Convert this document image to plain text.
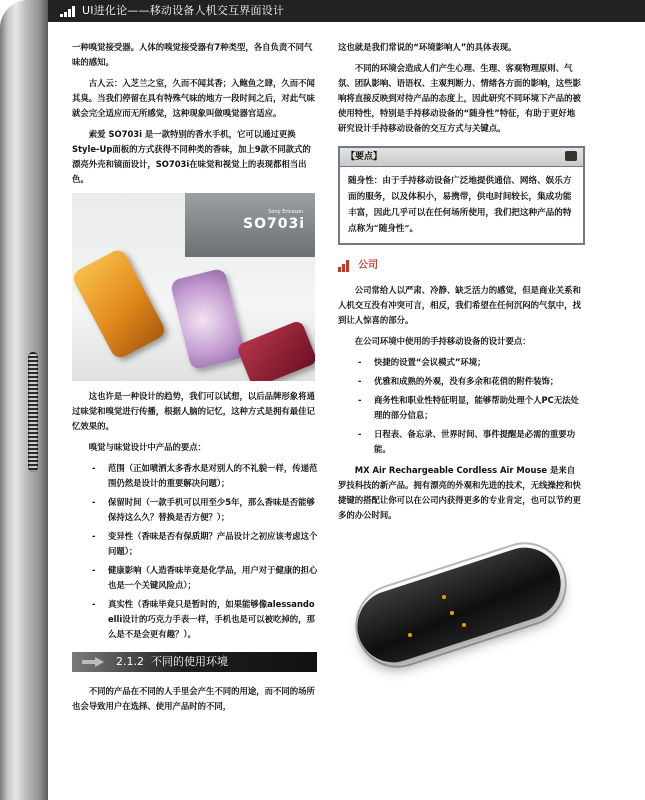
UI进化论——移动设备人机交互界面设计

一种嗅觉接受器。人体的嗅觉接受器有7种类型，各自负责不同气味的感知。

古人云：入芝兰之室，久而不闻其香；入鲍鱼之肆，久而不闻其臭。当我们停留在具有特殊气味的地方一段时间之后，对此气味就会完全适应而无所感觉，这种现象叫做嗅觉器官适应。

索爱 SO703i 是一款特别的香水手机，它可以通过更换Style-Up面板的方式获得不同种类的香味，加上9款不同款式的漂亮外壳和镜面设计，SO703i在味觉和视觉上的表现都相当出色。

Sony Ericsson
SO703i

这也许是一种设计的趋势，我们可以试想，以后品牌形象将通过味觉和嗅觉进行传播，根据人脑的记忆，这种方式是拥有最佳记忆效果的。

嗅觉与味觉设计中产品的要点：

- 范围（正如喷洒太多香水是对别人的不礼貌一样，传递范围仍然是设计的重要解决问题）；
- 保留时间（一款手机可以用至少5年，那么香味是否能够保持这么久？替换是否方便？）；
- 变异性（香味是否有保质期？产品设计之初应该考虑这个问题）；
- 健康影响（人造香味毕竟是化学品，用户对于健康的担心也是一个关键风险点）；
- 真实性（香味毕竟只是暂时的，如果能够像alessando elli设计的巧克力手表一样，手机也是可以被吃掉的，那么是不是会更有趣？）。
2.1.2 不同的使用环境

不同的产品在不同的人手里会产生不同的用途，而不同的场所也会导致用户在选择、使用产品时的不同，

这也就是我们常说的“环境影响人”的具体表现。

不同的环境会造成人们产生心理、生理、客观物理原则、气氛、团队影响、语语权、主观判断力、情绪各方面的影响，这些影响将直接反映到对待产品的态度上，因此研究不同环境下产品的被使用特性，特别是手持移动设备的“随身性”特征，有助于更好地研究设计手持移动设备的交互方式与关键点。

【要点】
随身性：由于手持移动设备广泛地提供通信、网络、娱乐方面的服务，以及体积小，易携带，供电时间较长，集成功能丰富，因此几乎可以在任何场所使用，我们把这种产品的特点称为“随身性”。
公司

公司常给人以严肃、冷静、缺乏活力的感觉，但是商业关系和人机交互没有冲突可言，相反，我们希望在任何沉闷的气氛中，找到让人惊喜的部分。

在公司环境中使用的手持移动设备的设计要点：

- 快捷的设置“会议模式”环境；
- 优雅和成熟的外观，没有多余和花俏的附件装饰；
- 商务性和职业性特征明显，能够帮助处理个人PC无法处理的部分信息；
- 日程表、备忘录、世界时间、事件提醒是必需的重要功能。

MX Air Rechargeable Cordless Air Mouse 是来自罗技科技的新产品。拥有漂亮的外观和先进的技术，无线操控和快捷键的搭配让你可以在公司内获得更多的专业肯定，也可以节约更多的办公时间。
